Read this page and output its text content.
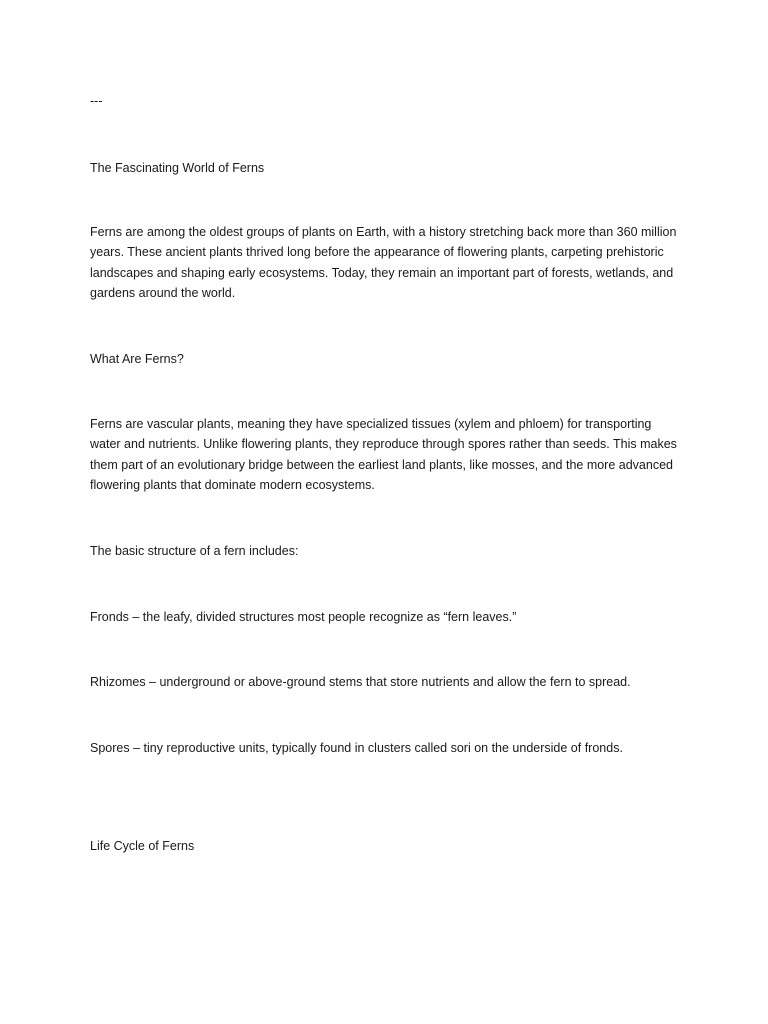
---

The Fascinating World of Ferns

Ferns are among the oldest groups of plants on Earth, with a history stretching back more than 360 million years. These ancient plants thrived long before the appearance of flowering plants, carpeting prehistoric landscapes and shaping early ecosystems. Today, they remain an important part of forests, wetlands, and gardens around the world.

What Are Ferns?

Ferns are vascular plants, meaning they have specialized tissues (xylem and phloem) for transporting water and nutrients. Unlike flowering plants, they reproduce through spores rather than seeds. This makes them part of an evolutionary bridge between the earliest land plants, like mosses, and the more advanced flowering plants that dominate modern ecosystems.

The basic structure of a fern includes:

Fronds – the leafy, divided structures most people recognize as “fern leaves.”

Rhizomes – underground or above-ground stems that store nutrients and allow the fern to spread.

Spores – tiny reproductive units, typically found in clusters called sori on the underside of fronds.

Life Cycle of Ferns
